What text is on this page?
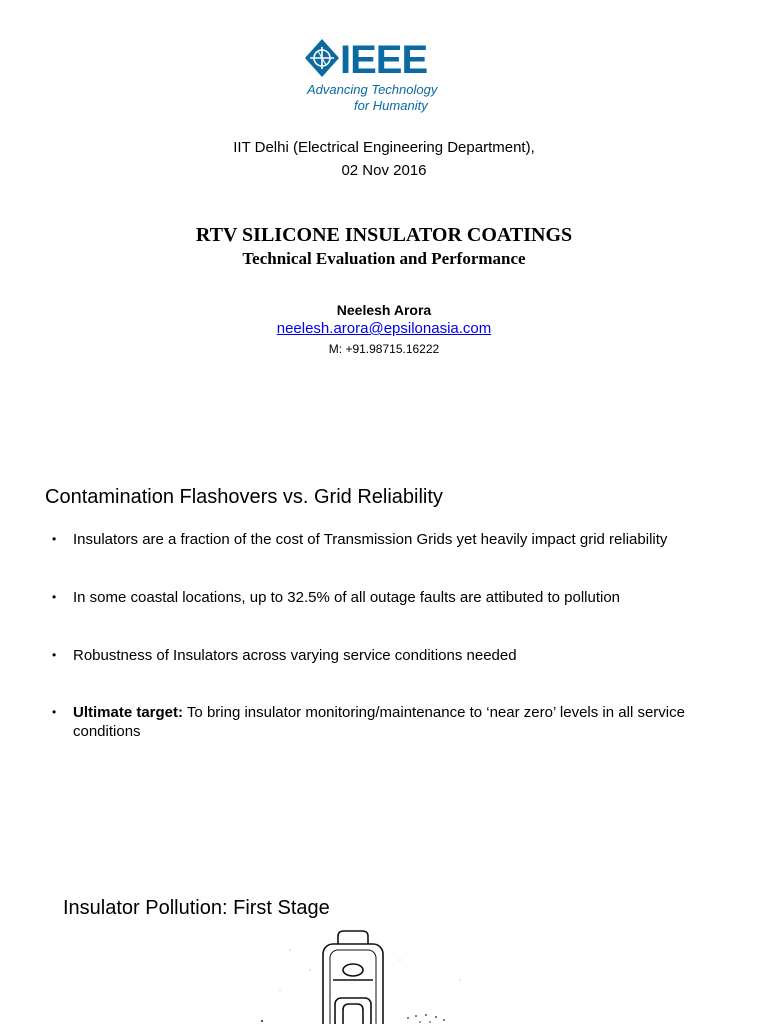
IEEE
Advancing Technology
for Humanity
IIT Delhi (Electrical Engineering Department),
02 Nov 2016
RTV SILICONE INSULATOR COATINGS
Technical Evaluation and Performance
Neelesh Arora
neelesh.arora@epsilonasia.com
M: +91.98715.16222
Contamination Flashovers vs. Grid Reliability
• Insulators are a fraction of the cost of Transmission Grids yet heavily impact grid reliability
• In some coastal locations, up to 32.5% of all outage faults are attibuted to pollution
• Robustness of Insulators across varying service conditions needed
• Ultimate target: To bring insulator monitoring/maintenance to ‘near zero’ levels in all service conditions
Insulator Pollution: First Stage
